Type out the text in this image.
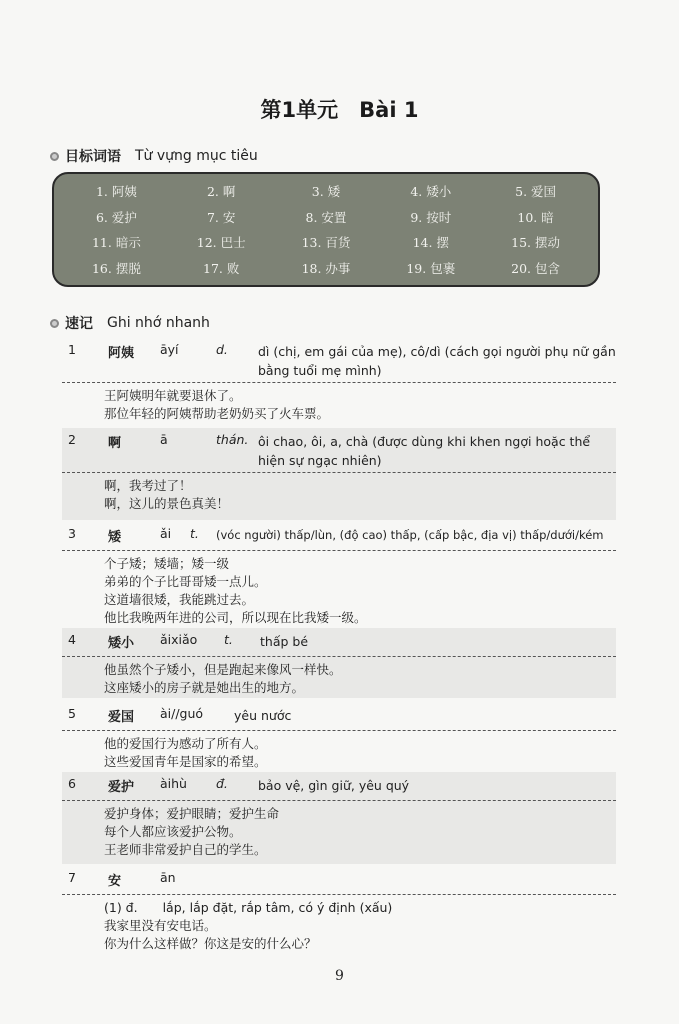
第1单元　Bài 1
目标词语 Từ vựng mục tiêu
1. 阿姨	2. 啊	3. 矮	4. 矮小	5. 爱国
6. 爱护	7. 安	8. 安置	9. 按时	10. 暗
11. 暗示	12. 巴士	13. 百货	14. 摆	15. 摆动
16. 摆脱	17. 败	18. 办事	19. 包裹	20. 包含
速记 Ghi nhớ nhanh
1	阿姨	āyí	d.	dì (chị, em gái của mẹ), cô/dì (cách gọi người phụ nữ gần bằng tuổi mẹ mình)
王阿姨明年就要退休了。
那位年轻的阿姨帮助老奶奶买了火车票。
2	啊	ā	thán. ôi chao, ôi, a, chà (được dùng khi khen ngợi hoặc thể hiện sự ngạc nhiên)
啊，我考过了！
啊，这儿的景色真美！
3	矮	ǎi	t.	(vóc người) thấp/lùn, (độ cao) thấp, (cấp bậc, địa vị) thấp/dưới/kém
个子矮；矮墙；矮一级
弟弟的个子比哥哥矮一点儿。
这道墙很矮，我能跳过去。
他比我晚两年进的公司，所以现在比我矮一级。
4	矮小	ǎixiǎo	t.	thấp bé
他虽然个子矮小，但是跑起来像风一样快。
这座矮小的房子就是她出生的地方。
5	爱国	ài//guó	yêu nước
他的爱国行为感动了所有人。
这些爱国青年是国家的希望。
6	爱护	àihù	đ.	bảo vệ, gìn giữ, yêu quý
爱护身体；爱护眼睛；爱护生命
每个人都应该爱护公物。
王老师非常爱护自己的学生。
7	安	ān
(1) đ.　　lắp, lắp đặt, rắp tâm, có ý định (xấu)
我家里没有安电话。
你为什么这样做？你这是安的什么心？
9
